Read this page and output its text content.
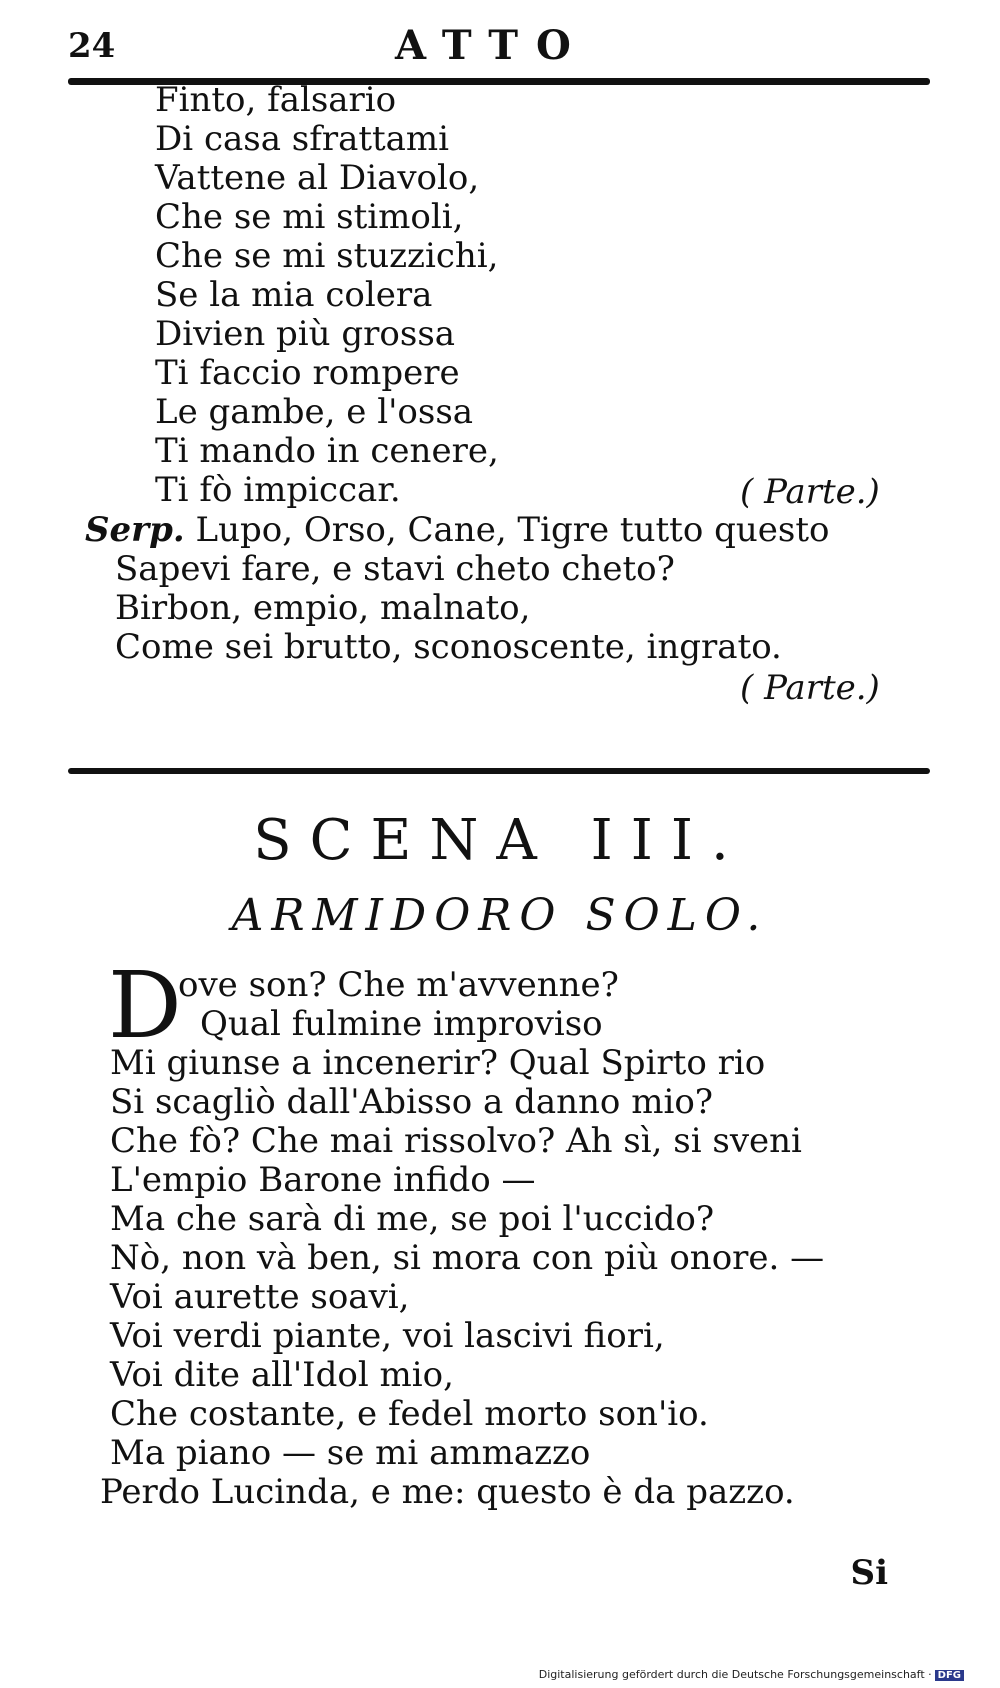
24	ATTO
Finto, falsario
Di casa sfrattami
Vattene al Diavolo,
Che se mi stimoli,
Che se mi stuzzichi,
Se la mia colera
Divien più grossa
Ti faccio rompere
Le gambe, e l'ossa
Ti mando in cenere,
Ti fò impiccar.	( Parte.)
Serp. Lupo, Orso, Cane, Tigre tutto questo
Sapevi fare, e stavi cheto cheto?
Birbon, empio, malnato,
Come sei brutto, sconoscente, ingrato.
( Parte.)
SCENA III.
ARMIDORO SOLO.
D
ove son? Che m'avvenne?
Qual fulmine improviso
Mi giunse a incenerir? Qual Spirto rio
Si scagliò dall'Abisso a danno mio?
Che fò? Che mai rissolvo? Ah sì, si sveni
L'empio Barone infido —
Ma che sarà di me, se poi l'uccido?
Nò, non và ben, si mora con più onore. —
Voi aurette soavi,
Voi verdi piante, voi lascivi fiori,
Voi dite all'Idol mio,
Che costante, e fedel morto son'io.
Ma piano — se mi ammazzo
Perdo Lucinda, e me: questo è da pazzo.
Si
Digitalisierung gefördert durch die Deutsche Forschungsgemeinschaft · DFG
